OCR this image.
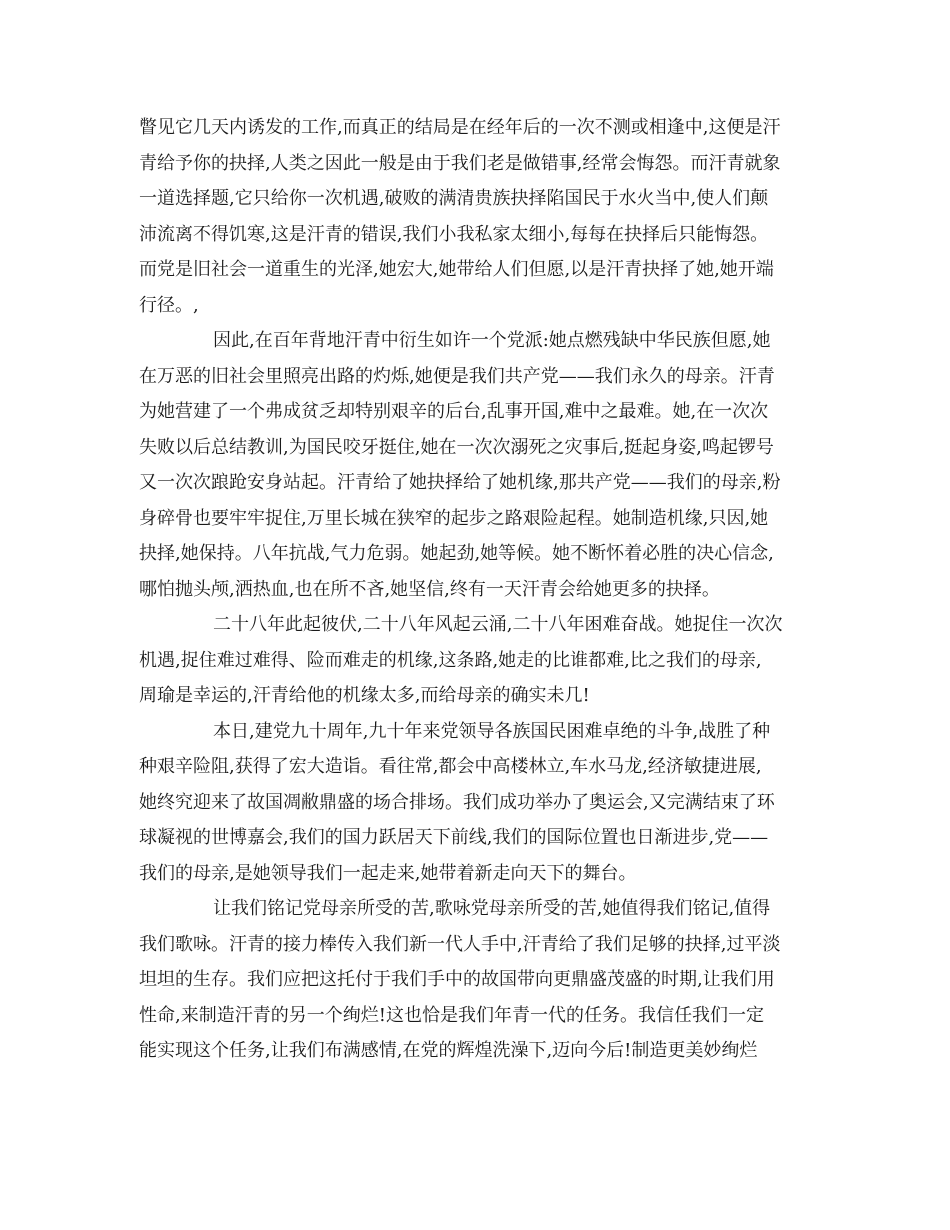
瞥见它几天内诱发的工作,而真正的结局是在经年后的一次不测或相逢中,这便是汗
青给予你的抉择,人类之因此一般是由于我们老是做错事,经常会悔怨。而汗青就象
一道选择题,它只给你一次机遇,破败的满清贵族抉择陷国民于水火当中,使人们颠
沛流离不得饥寒,这是汗青的错误,我们小我私家太细小,每每在抉择后只能悔怨。
而党是旧社会一道重生的光泽,她宏大,她带给人们但愿,以是汗青抉择了她,她开端
行径。,
因此,在百年背地汗青中衍生如许一个党派:她点燃残缺中华民族但愿,她
在万恶的旧社会里照亮出路的灼烁,她便是我们共产党——我们永久的母亲。汗青
为她营建了一个弗成贫乏却特别艰辛的后台,乱事开国,难中之最难。她,在一次次
失败以后总结教训,为国民咬牙挺住,她在一次次溺死之灾事后,挺起身姿,鸣起锣号
又一次次踉跄安身站起。汗青给了她抉择给了她机缘,那共产党——我们的母亲,粉
身碎骨也要牢牢捉住,万里长城在狭窄的起步之路艰险起程。她制造机缘,只因,她
抉择,她保持。八年抗战,气力危弱。她起劲,她等候。她不断怀着必胜的决心信念,
哪怕抛头颅,洒热血,也在所不吝,她坚信,终有一天汗青会给她更多的抉择。
二十八年此起彼伏,二十八年风起云涌,二十八年困难奋战。她捉住一次次
机遇,捉住难过难得、险而难走的机缘,这条路,她走的比谁都难,比之我们的母亲,
周瑜是幸运的,汗青给他的机缘太多,而给母亲的确实未几!
本日,建党九十周年,九十年来党领导各族国民困难卓绝的斗争,战胜了种
种艰辛险阻,获得了宏大造诣。看往常,都会中高楼林立,车水马龙,经济敏捷进展,
她终究迎来了故国凋敝鼎盛的场合排场。我们成功举办了奥运会,又完满结束了环
球凝视的世博嘉会,我们的国力跃居天下前线,我们的国际位置也日渐进步,党——
我们的母亲,是她领导我们一起走来,她带着新走向天下的舞台。
让我们铭记党母亲所受的苦,歌咏党母亲所受的苦,她值得我们铭记,值得
我们歌咏。汗青的接力棒传入我们新一代人手中,汗青给了我们足够的抉择,过平淡
坦坦的生存。我们应把这托付于我们手中的故国带向更鼎盛茂盛的时期,让我们用
性命,来制造汗青的另一个绚烂!这也恰是我们年青一代的任务。我信任我们一定
能实现这个任务,让我们布满感情,在党的辉煌洗澡下,迈向今后!制造更美妙绚烂
